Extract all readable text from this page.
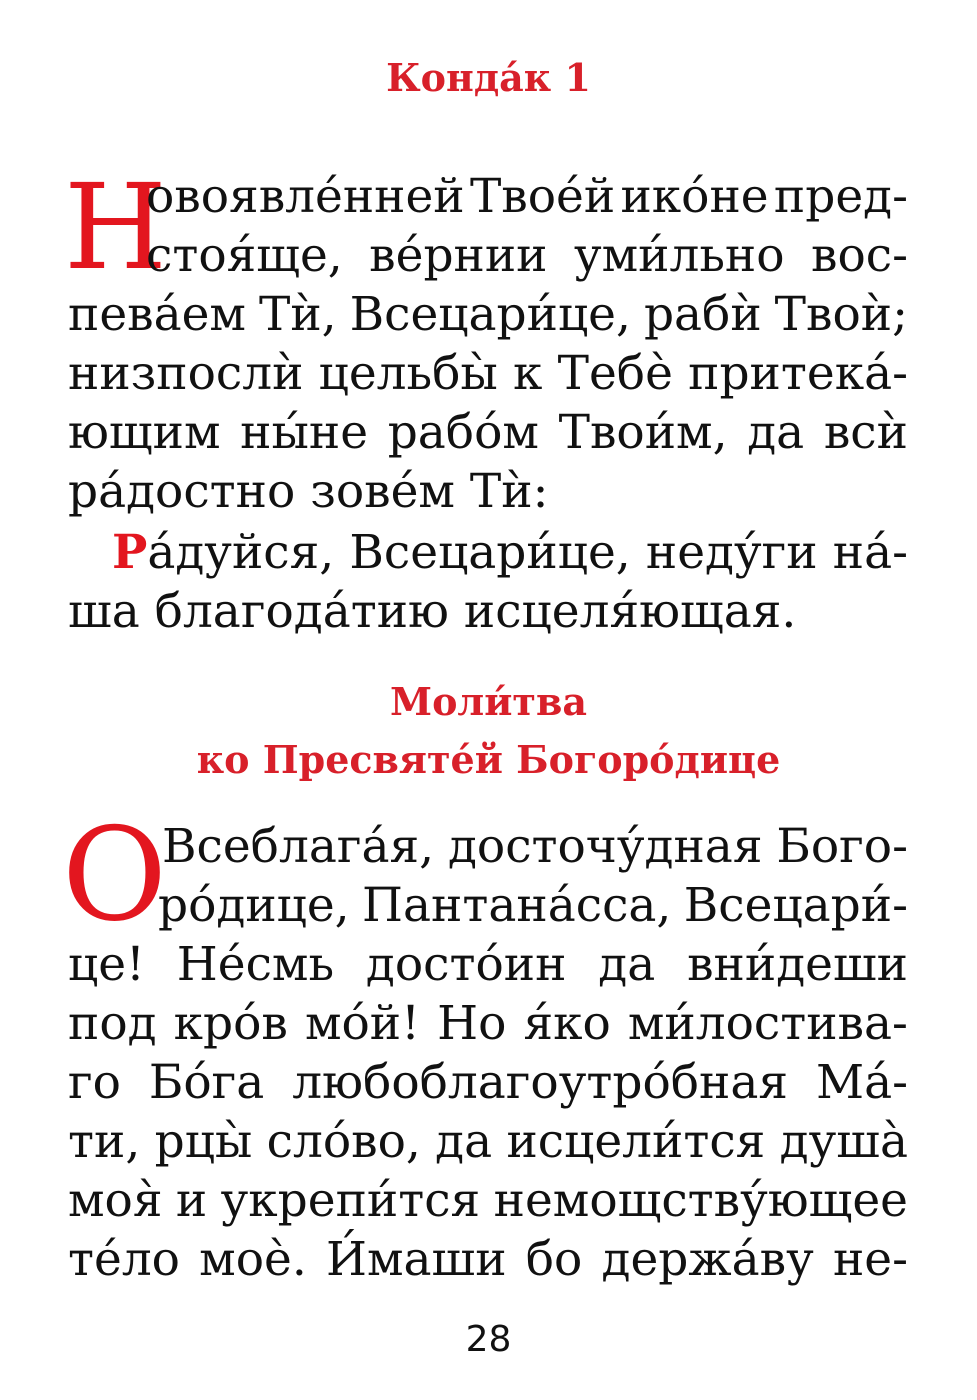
Конда́к 1
Н
овоявле́нней Твое́й ико́не пред-
стоя́ще, ве́рнии уми́льно вос-
пева́ем Тѝ, Всецари́це, рабѝ Твоѝ;
низпослѝ цельбы̀ к Тебѐ притека́-
ющим ны́не рабо́м Твои́м, да всѝ
ра́достно зове́м Тѝ:
Ра́дуйся, Всецари́це, неду́ги на́-
ша благода́тию исцеля́ющая.
Моли́тва
ко Пресвяте́й Богоро́дице
О
Всеблага́я, досточу́дная Бого-
ро́дице, Пантана́сса, Всецари́-
це! Не́смь досто́ин да вни́деши
под кро́в мо́й! Но я́ко ми́лостива-
го Бо́га любоблагоутро́бная Ма́-
ти, рцы̀ сло́во, да исцели́тся душа̀
моя̀ и укрепи́тся немощству́ющее
те́ло моѐ. И́маши бо держа́ву не-
28
